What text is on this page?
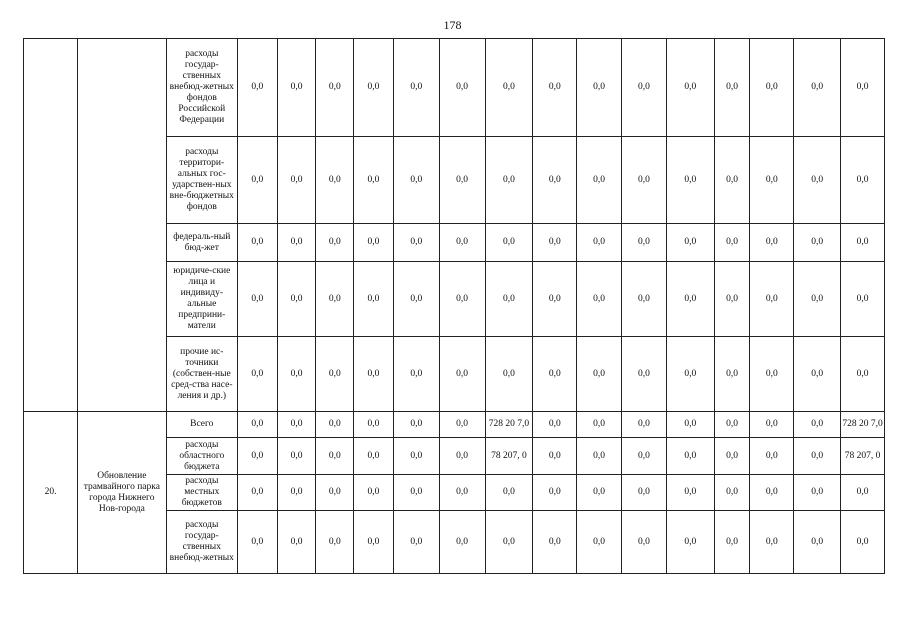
178
		расходы государ-ственных внебюд-жетных фондов Российской Федерации	0,0	0,0	0,0	0,0	0,0	0,0	0,0	0,0	0,0	0,0	0,0	0,0	0,0	0,0	0,0
		расходы территори-альных гос-ударствен-ных вне-бюджетных фондов	0,0	0,0	0,0	0,0	0,0	0,0	0,0	0,0	0,0	0,0	0,0	0,0	0,0	0,0	0,0
		федераль-ный бюд-жет	0,0	0,0	0,0	0,0	0,0	0,0	0,0	0,0	0,0	0,0	0,0	0,0	0,0	0,0	0,0
		юридиче-ские лица и индивиду-альные предприни-матели	0,0	0,0	0,0	0,0	0,0	0,0	0,0	0,0	0,0	0,0	0,0	0,0	0,0	0,0	0,0
		прочие ис-точники (собствен-ные сред-ства насе-ления и др.)	0,0	0,0	0,0	0,0	0,0	0,0	0,0	0,0	0,0	0,0	0,0	0,0	0,0	0,0	0,0
20.	Обновление трамвайного парка города Нижнего Нов-города	Всего	0,0	0,0	0,0	0,0	0,0	0,0	728 20 7,0	0,0	0,0	0,0	0,0	0,0	0,0	0,0	728 20 7,0
		расходы областного бюджета	0,0	0,0	0,0	0,0	0,0	0,0	78 207, 0	0,0	0,0	0,0	0,0	0,0	0,0	0,0	78 207, 0
		расходы местных бюджетов	0,0	0,0	0,0	0,0	0,0	0,0	0,0	0,0	0,0	0,0	0,0	0,0	0,0	0,0	0,0
		расходы государ-ственных внебюд-жетных	0,0	0,0	0,0	0,0	0,0	0,0	0,0	0,0	0,0	0,0	0,0	0,0	0,0	0,0	0,0
